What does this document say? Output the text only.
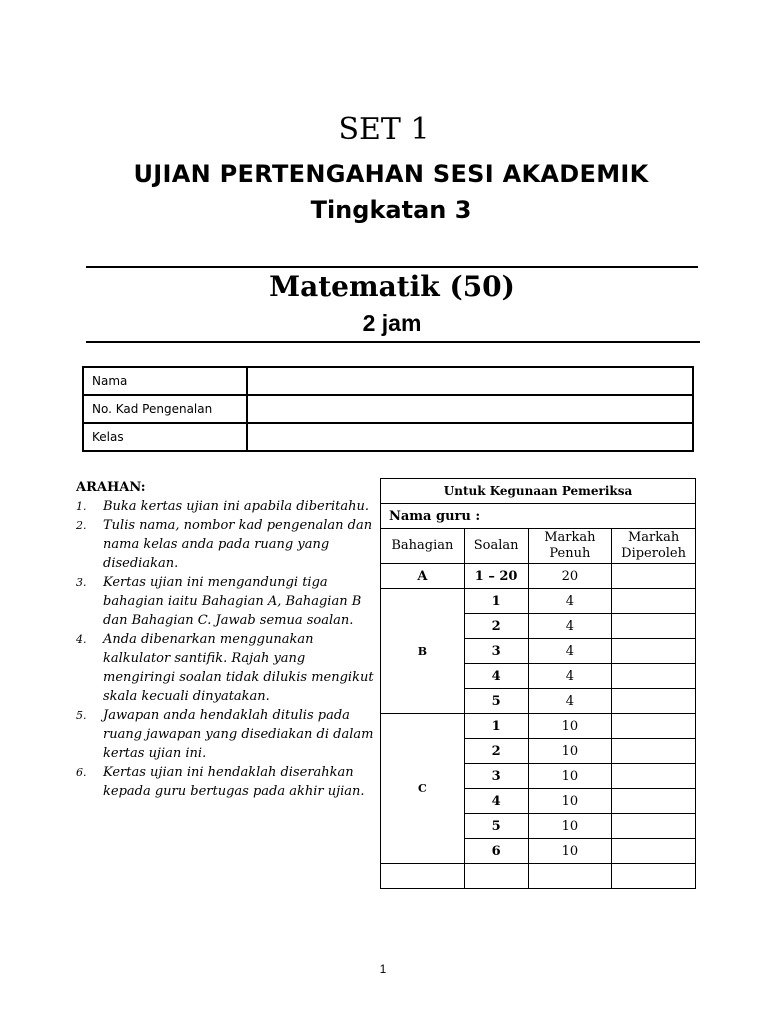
SET 1
UJIAN PERTENGAHAN SESI AKADEMIK
Tingkatan 3
Matematik (50)
2 jam
Nama	
No. Kad Pengenalan	
Kelas	
ARAHAN:
1. Buka kertas ujian ini apabila diberitahu.
2. Tulis nama, nombor kad pengenalan dan nama kelas anda pada ruang yang disediakan.
3. Kertas ujian ini mengandungi tiga bahagian iaitu Bahagian A, Bahagian B dan Bahagian C. Jawab semua soalan.
4. Anda dibenarkan menggunakan kalkulator santifik. Rajah yang mengiringi soalan tidak dilukis mengikut skala kecuali dinyatakan.
5. Jawapan anda hendaklah ditulis pada ruang jawapan yang disediakan di dalam kertas ujian ini.
6. Kertas ujian ini hendaklah diserahkan kepada guru bertugas pada akhir ujian.
Untuk Kegunaan Pemeriksa			
Nama guru :			
Bahagian	Soalan	Markah Penuh	Markah Diperoleh
A	1 – 20	20	
B	1	4	
	2	4	
	3	4	
	4	4	
	5	4	
C	1	10	
	2	10	
	3	10	
	4	10	
	5	10	
	6	10	

1
